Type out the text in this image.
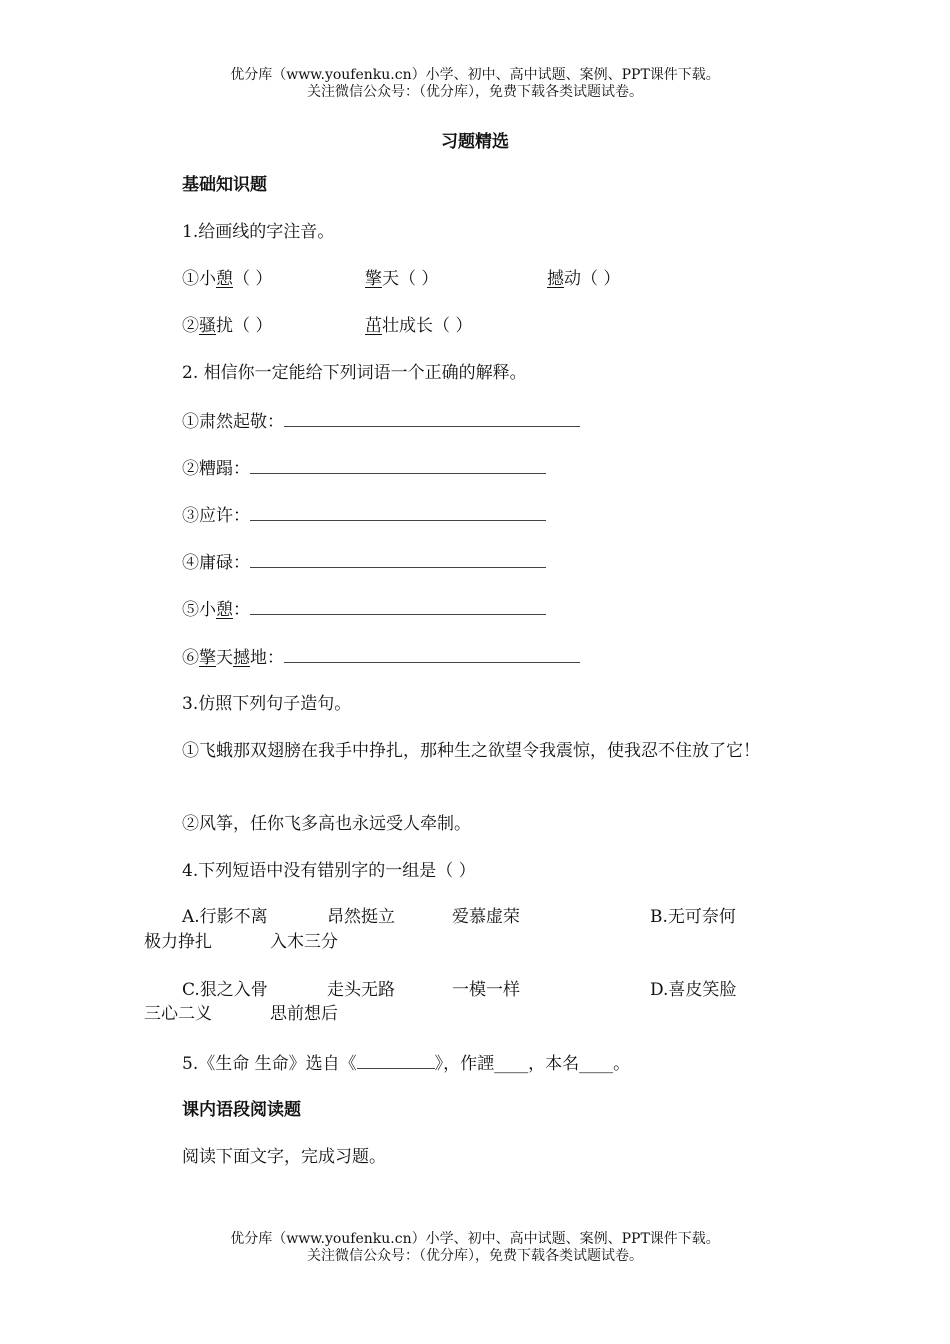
优分库（www.youfenku.cn）小学、初中、高中试题、案例、PPT课件下载。
关注微信公众号：（优分库），免费下载各类试题试卷。
习题精选
基础知识题
1.给画线的字注音。
①小憩（ ）	擎天（ ）	撼动（ ）
②骚扰（ ）	茁壮成长（ ）
2. 相信你一定能给下列词语一个正确的解释。
①肃然起敬：
②糟蹋：
③应许：
④庸碌：
⑤小憩：
⑥擎天撼地：
3.仿照下列句子造句。
①飞蛾那双翅膀在我手中挣扎，那种生之欲望令我震惊，使我忍不住放了它！
②风筝，任你飞多高也永远受人牵制。
4.下列短语中没有错别字的一组是（ ）
A.行影不离	昂然挺立	爱慕虚荣	B.无可奈何
极力挣扎	入木三分
C.狠之入骨	走头无路	一模一样	D.喜皮笑脸
三心二义	思前想后
5.《生命 生命》选自《	》，作諲____，本名____。
课内语段阅读题
阅读下面文字，完成习题。
优分库（www.youfenku.cn）小学、初中、高中试题、案例、PPT课件下载。
关注微信公众号：（优分库），免费下载各类试题试卷。
